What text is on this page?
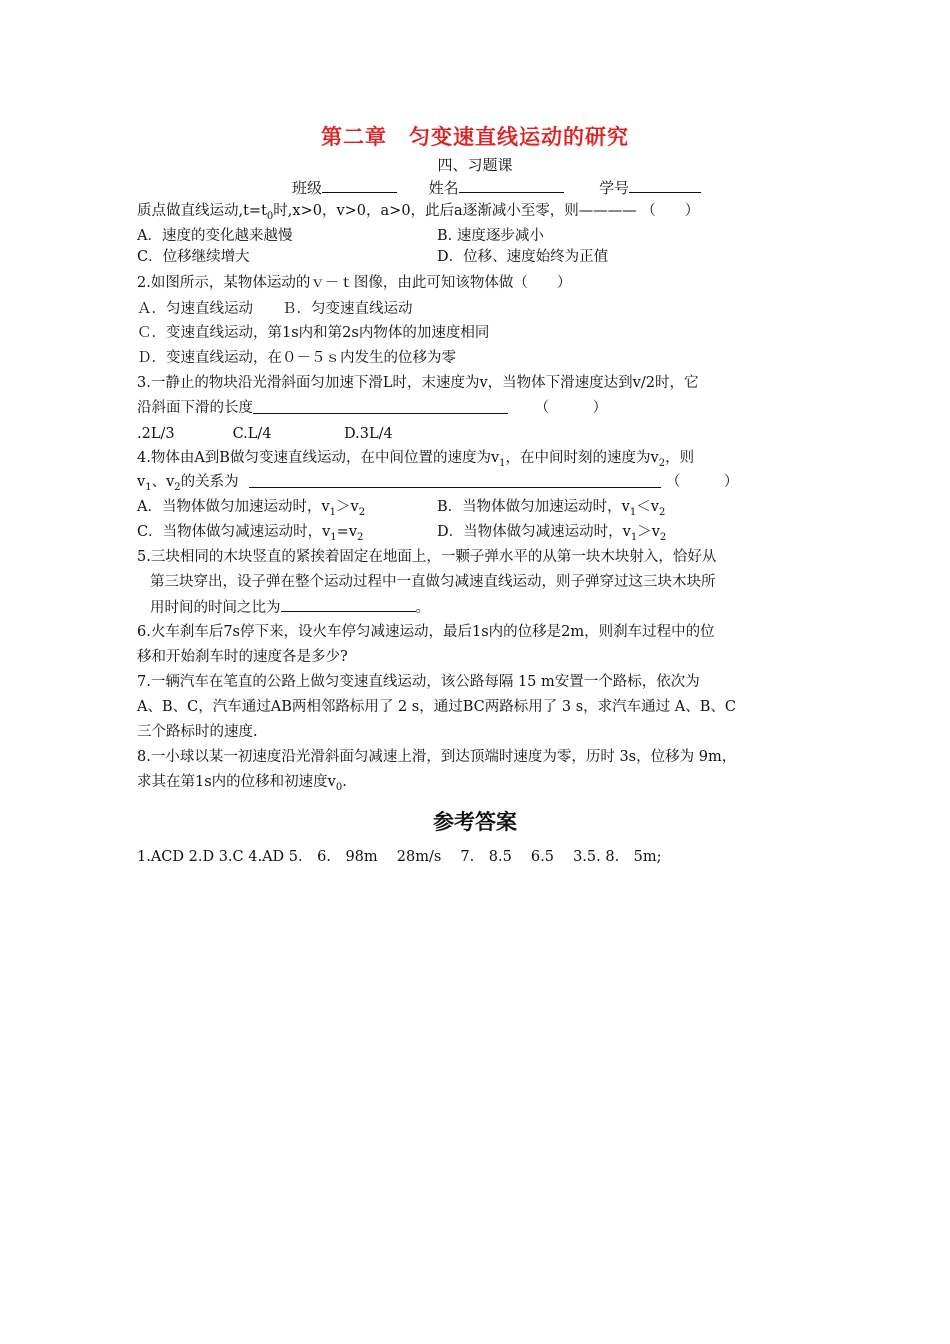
第二章　匀变速直线运动的研究
四、习题课
班级	姓名	学号
质点做直线运动$,t=t_0$时,x>0，v>0，a>0，此后a逐渐减小至零，则———— （　　）
A．速度的变化越来越慢	B. 速度逐步减小
C．位移继续增大	D．位移、速度始终为正值
2.如图所示，某物体运动的ｖ－ｔ图像，由此可知该物体做（　　）
Ａ．匀速直线运动　　Ｂ．匀变速直线运动
Ｃ．变速直线运动，第1s内和第2s内物体的加速度相同
Ｄ．变速直线运动，在０－５ｓ内发生的位移为零
3.一静止的物块沿光滑斜面匀加速下滑L时，末速度为v，当物体下滑速度达到v/2时，它
沿斜面下滑的长度	（　　　）
.2L/3　　　　C.L/4　　　　　D.3L/4
4.物体由A到B做匀变速直线运动，在中间位置的速度为$v_1$，在中间时刻的速度为$v_2$，则
$v_1$、$v_2$的关系为	（　　　）
A．当物体做匀加速运动时，$v_1>v_2$	B．当物体做匀加速运动时，$v_1<v_2$
C．当物体做匀减速运动时，$v_1=v_2$	D．当物体做匀减速运动时，$v_1>v_2$
5.三块相同的木块竖直的紧挨着固定在地面上，一颗子弹水平的从第一块木块射入，恰好从
第三块穿出，设子弹在整个运动过程中一直做匀减速直线运动，则子弹穿过这三块木块所
用时间的时间之比为	。
6.火车刹车后7s停下来，设火车停匀减速运动，最后1s内的位移是2m，则刹车过程中的位
移和开始刹车时的速度各是多少?
7.一辆汽车在笔直的公路上做匀变速直线运动，该公路每隔 15 m安置一个路标，依次为
A、B、C，汽车通过AB两相邻路标用了 2 s，通过BC两路标用了 3 s，求汽车通过 A、B、C
三个路标时的速度.
8.一小球以某一初速度沿光滑斜面匀减速上滑，到达顶端时速度为零，历时 3s，位移为 9m，
求其在第1s内的位移和初速度$v_0$.
参考答案
1.ACD 2.D 3.C 4.AD 5.　6.　98m　 28m/s　 7.　8.5　 6.5　 3.5. 8.　5m;
